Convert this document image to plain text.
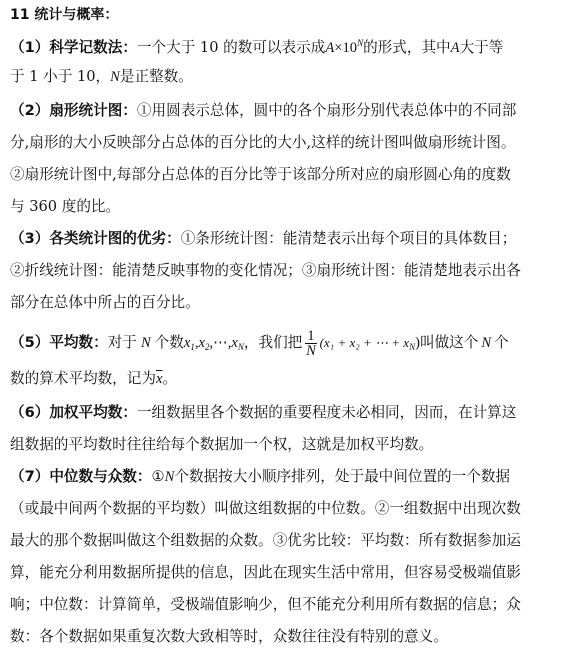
11 统计与概率：
（1）科学记数法：一个大于 10 的数可以表示成$A\times 10^N$的形式，其中A大于等
于 1 小于 10，N是正整数。
（2）扇形统计图：①用圆表示总体，圆中的各个扇形分别代表总体中的不同部
分,扇形的大小反映部分占总体的百分比的大小,这样的统计图叫做扇形统计图。
②扇形统计图中,每部分占总体的百分比等于该部分所对应的扇形圆心角的度数
与 360 度的比。
（3）各类统计图的优劣：①条形统计图：能清楚表示出每个项目的具体数目；
②折线统计图：能清楚反映事物的变化情况；③扇形统计图：能清楚地表示出各
部分在总体中所占的百分比。
（5）平均数：对于 N 个数$x_1,x_2,\cdots,x_N$，我们把 $\frac{1}{N} (x_1 + x_2$ + ⋯ + $x_N$)叫做这个 N 个
数的算术平均数，记为$\overline{x}$。
（6）加权平均数：一组数据里各个数据的重要程度未必相同，因而，在计算这
组数据的平均数时往往给每个数据加一个权，这就是加权平均数。
（7）中位数与众数：①N个数据按大小顺序排列，处于最中间位置的一个数据
（或最中间两个数据的平均数）叫做这组数据的中位数。②一组数据中出现次数
最大的那个数据叫做这个组数据的众数。③优劣比较：平均数：所有数据参加运
算，能充分利用数据所提供的信息，因此在现实生活中常用，但容易受极端值影
响；中位数：计算简单，受极端值影响少，但不能充分利用所有数据的信息；众
数：各个数据如果重复次数大致相等时，众数往往没有特别的意义。
